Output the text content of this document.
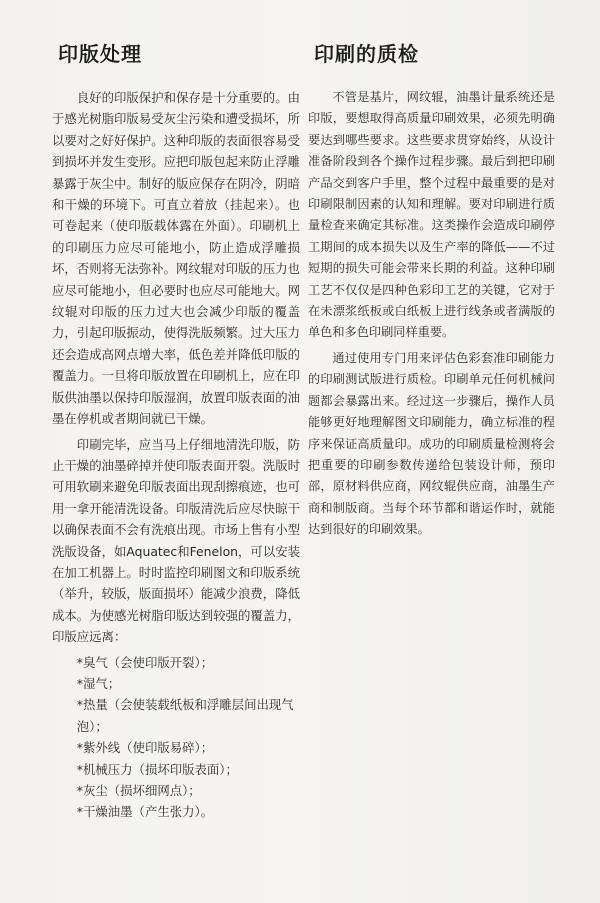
印版处理

良好的印版保护和保存是十分重要的。由于感光树脂印版易受灰尘污染和遭受损坏，所以要对之好好保护。这种印版的表面很容易受到损坏并发生变形。应把印版包起来防止浮雕暴露于灰尘中。制好的版应保存在阴冷，阴暗和干燥的环境下。可直立着放（挂起来）。也可卷起来（使印版载体露在外面）。印刷机上的印刷压力应尽可能地小，防止造成浮雕损坏，否则将无法弥补。网纹辊对印版的压力也应尽可能地小，但必要时也应尽可能地大。网纹辊对印版的压力过大也会减少印版的覆盖力，引起印版振动，使得洗版频繁。过大压力还会造成高网点增大率，低色差并降低印版的覆盖力。一旦将印版放置在印刷机上，应在印版供油墨以保持印版湿润，放置印版表面的油墨在停机或者期间就已干燥。

印刷完毕，应当马上仔细地清洗印版，防止干燥的油墨碎掉并使印版表面开裂。洗版时可用软刷来避免印版表面出现刮擦痕迹，也可用一拿开能清洗设备。印版清洗后应尽快晾干以确保表面不会有洗痕出现。市场上售有小型洗版设备，如Aquatec和Fenelon，可以安装在加工机器上。时时监控印刷图文和印版系统（举升，较版，版面损坏）能减少浪费，降低成本。为使感光树脂印版达到较强的覆盖力，印版应远离：

*臭气（会使印版开裂）；
*湿气；
*热量（会使装载纸板和浮雕层间出现气泡）；
*紫外线（使印版易碎）；
*机械压力（损坏印版表面）；
*灰尘（损坏细网点）；
*干燥油墨（产生张力）。
印刷的质检

不管是基片，网纹辊，油墨计量系统还是印版，要想取得高质量印刷效果，必须先明确要达到哪些要求。这些要求贯穿始终，从设计准备阶段到各个操作过程步骤。最后到把印刷产品交到客户手里，整个过程中最重要的是对印刷限制因素的认知和理解。要对印刷进行质量检查来确定其标准。这类操作会造成印刷停工期间的成本损失以及生产率的降低——不过短期的损失可能会带来长期的利益。这种印刷工艺不仅仅是四种色彩印工艺的关键，它对于在未漂浆纸板或白纸板上进行线条或者满版的单色和多色印刷同样重要。

通过使用专门用来评估色彩套准印刷能力的印刷测试版进行质检。印刷单元任何机械问题都会暴露出来。经过这一步骤后，操作人员能够更好地理解图文印刷能力，确立标准的程序来保证高质量印。成功的印刷质量检测将会把重要的印刷参数传递给包装设计师，预印部，原材料供应商，网纹辊供应商，油墨生产商和制版商。当每个环节都和谐运作时，就能达到很好的印刷效果。
